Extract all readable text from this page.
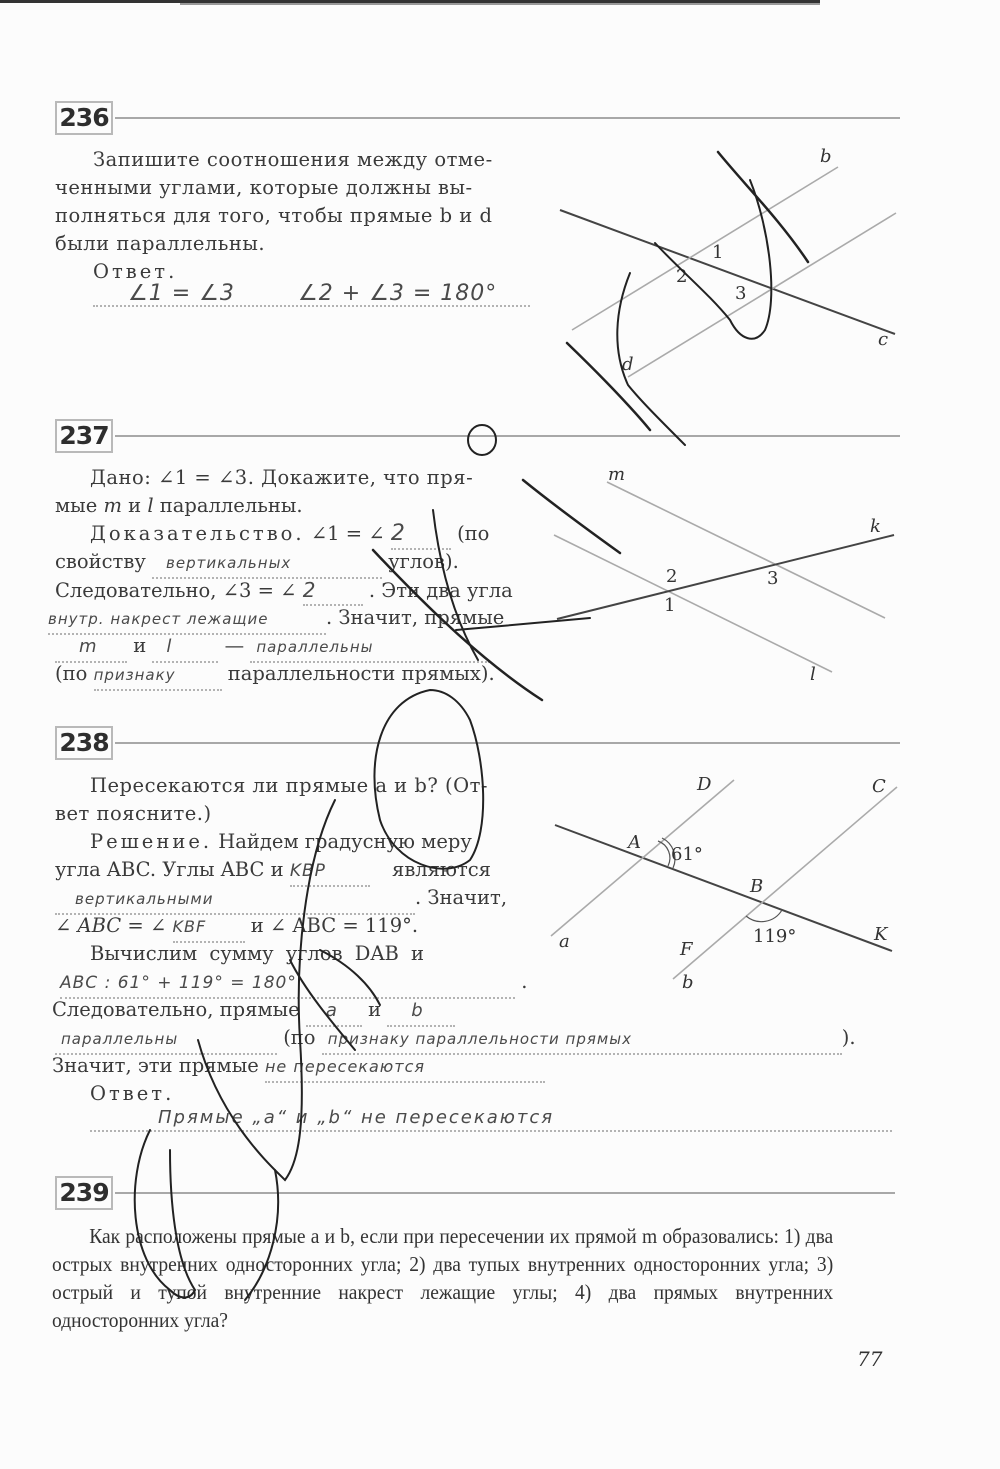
236
Запишите соотношения между отме-
ченными углами, которые должны вы-
полняться для того, чтобы прямые b и d
были параллельны.
Ответ.
∠1 = ∠3	∠2 + ∠3 = 180°
237
Дано: ∠1 = ∠3. Докажите, что пря-
мые m и l параллельны.
Доказательство. ∠1 = ∠ 2	(по
свойству вертикальных	углов).
Следовательно, ∠3 = ∠ 2	. Эти два угла
внутр. накрест лежащие	. Значит, прямые
m и l	— параллельны
(по признаку	параллельности прямых).
238
Пересекаются ли прямые a и b? (От-
вет поясните.)
Решение. Найдем градусную меру
угла ABC. Углы ABC и KBP	являются
вертикальными	. Значит,
∠ ABC = ∠ KBF и ∠ ABC = 119°.
Вычислим сумму углов DAB и
ABC : 61° + 119° = 180°	.
Следовательно, прямые a и b
параллельны	(по признаку параллельности прямых	).
Значит, эти прямые не пересекаются
Ответ.
Прямые „a“ и „b“ не пересекаются
239
Как расположены прямые a и b, если при пересечении их прямой m образовались: 1) два острых внутренних односторонних угла; 2) два тупых внутренних односторонних угла; 3) острый и тупой внутренние накрест лежащие углы; 4) два прямых внутренних односторонних угла?
77
b
c
d
1
2
3
m
k
l
2
1
3
A
B
C
D
F
K
a
b
61°
119°
